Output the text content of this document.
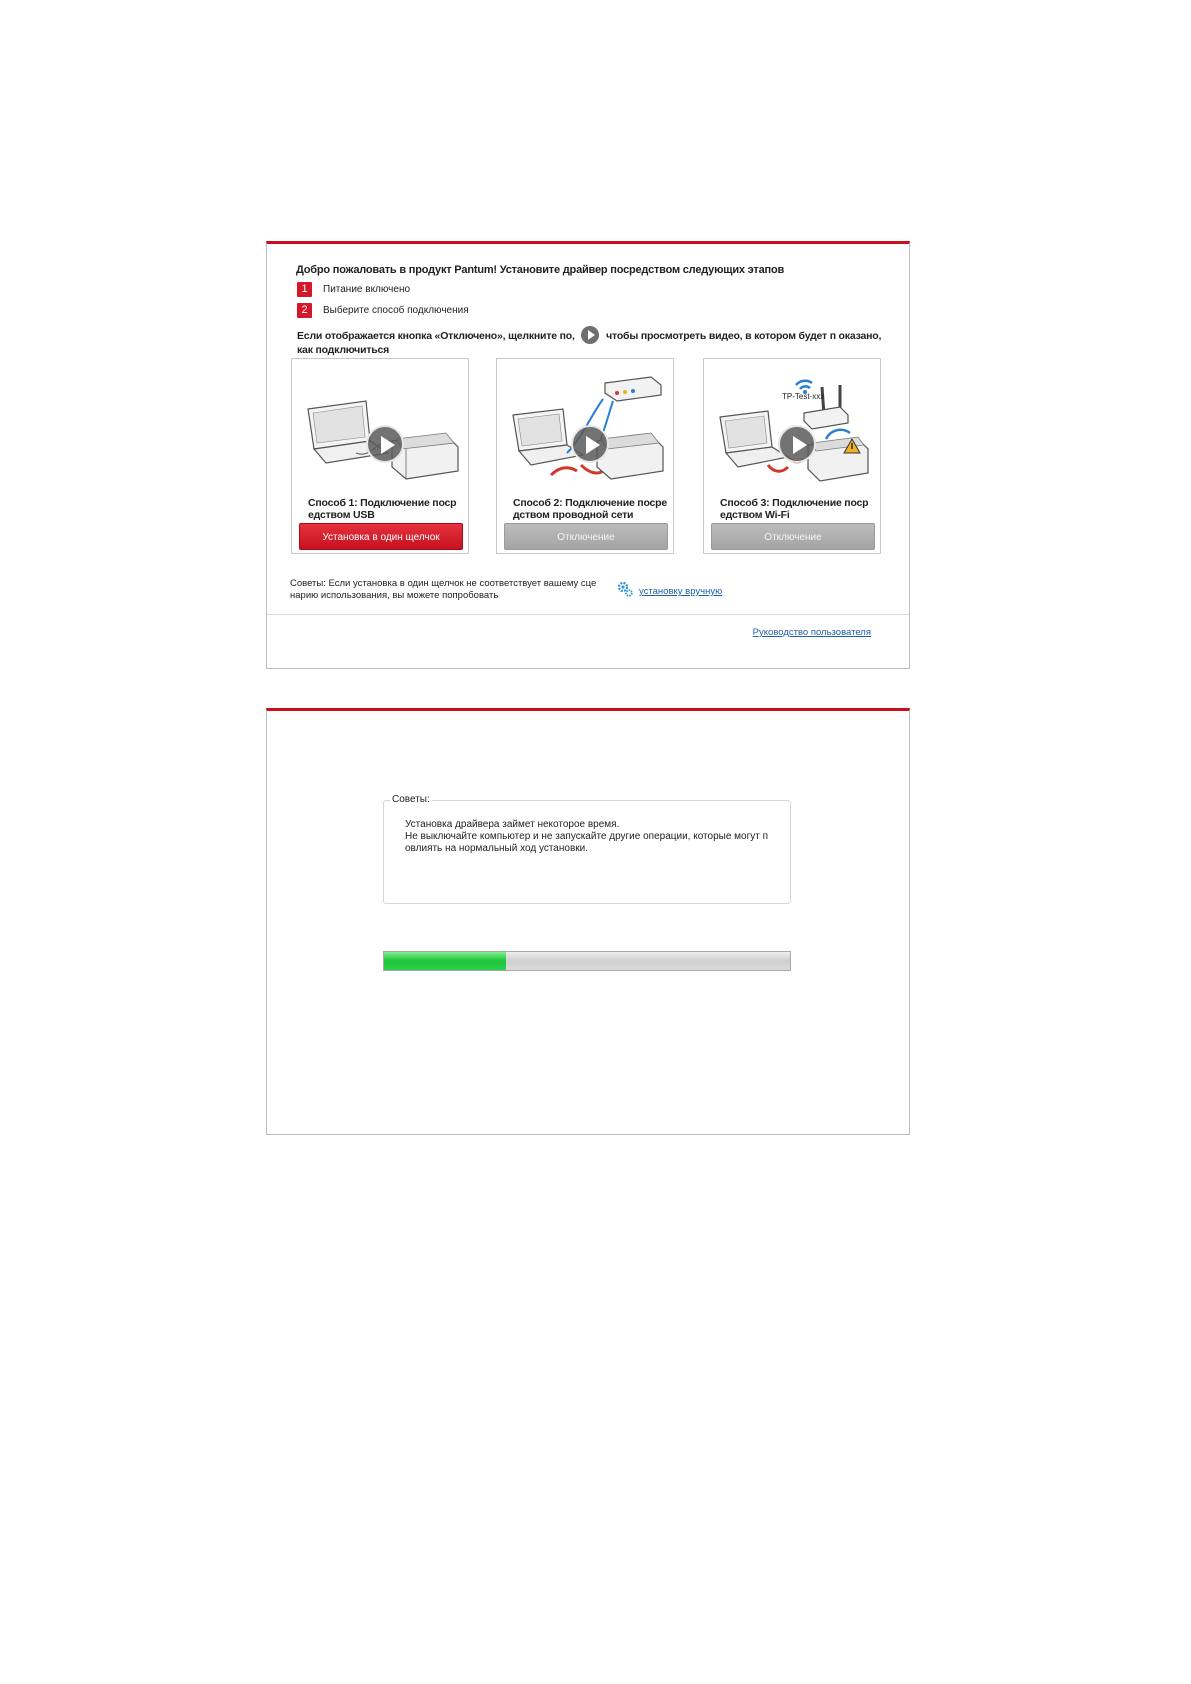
Добро пожаловать в продукт Pantum! Установите драйвер посредством следующих этапов
1	Питание включено
2	Выберите способ подключения
Если отображается кнопка «Отключено», щелкните по,	чтобы просмотреть видео, в котором будет п оказано, как подключиться
Способ 1: Подключение поср едством USB
Установка в один щелчок
Способ 2: Подключение посре дством проводной сети
Отключение
TP-Test-xxx
Способ 3: Подключение поср едством Wi-Fi
Отключение
Советы: Если установка в один щелчок не соответствует вашему сце нарию использования, вы можете попробовать	установку вручную
Руководство пользователя
Советы:
Установка драйвера займет некоторое время.
Не выключайте компьютер и не запускайте другие операции, которые могут п овлиять на нормальный ход установки.
